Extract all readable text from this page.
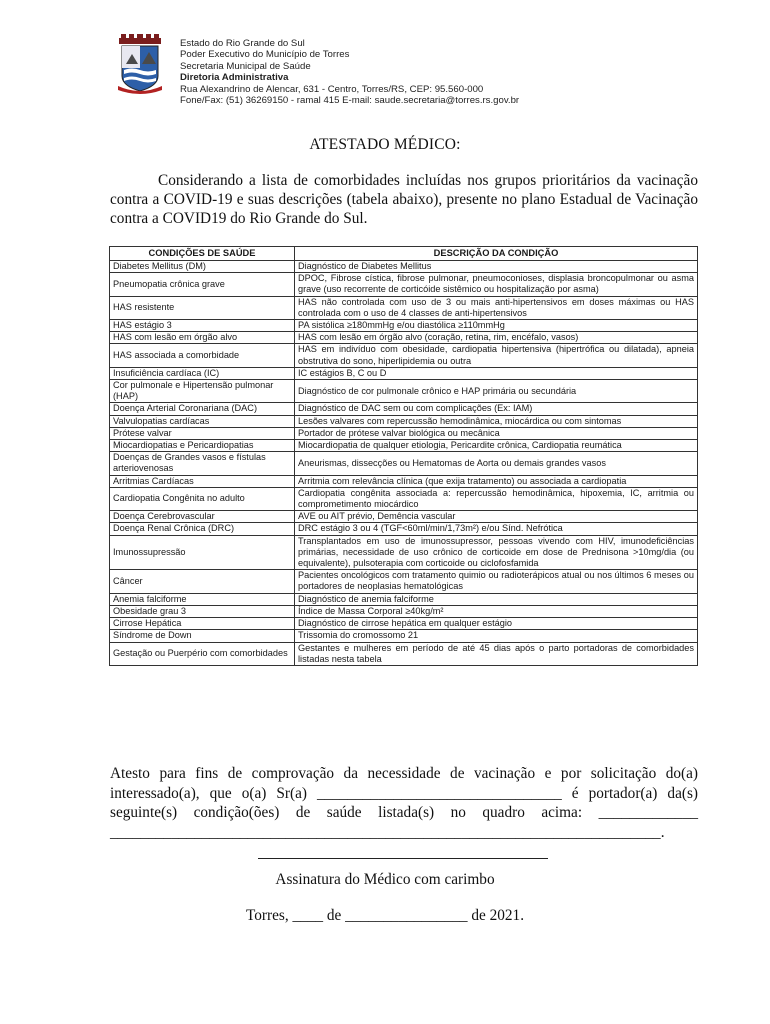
Estado do Rio Grande do Sul
Poder Executivo do Município de Torres
Secretaria Municipal de Saúde
Diretoria Administrativa
Rua Alexandrino de Alencar, 631 - Centro, Torres/RS, CEP: 95.560-000
Fone/Fax: (51) 36269150 - ramal 415 E-mail: saude.secretaria@torres.rs.gov.br
ATESTADO MÉDICO:
Considerando a lista de comorbidades incluídas nos grupos prioritários da vacinação contra a COVID-19 e suas descrições (tabela abaixo), presente no plano Estadual de Vacinação contra a COVID19 do Rio Grande do Sul.
CONDIÇÕES DE SAÚDE	DESCRIÇÃO DA CONDIÇÃO
Diabetes Mellitus (DM)	Diagnóstico de Diabetes Mellitus
Pneumopatia crônica grave	DPOC, Fibrose cística, fibrose pulmonar, pneumoconioses, displasia broncopulmonar ou asma grave (uso recorrente de corticóide sistêmico ou hospitalização por asma)
HAS resistente	HAS não controlada com uso de 3 ou mais anti-hipertensivos em doses máximas ou HAS controlada com o uso de 4 classes de anti-hipertensivos
HAS estágio 3	PA sistólica ≥180mmHg e/ou diastólica ≥110mmHg
HAS com lesão em órgão alvo	HAS com lesão em órgão alvo (coração, retina, rim, encéfalo, vasos)
HAS associada a comorbidade	HAS em indivíduo com obesidade, cardiopatia hipertensiva (hipertrófica ou dilatada), apneia obstrutiva do sono, hiperlipidemia ou outra
Insuficiência cardíaca (IC)	IC estágios B, C ou D
Cor pulmonale e Hipertensão pulmonar (HAP)	Diagnóstico de cor pulmonale crônico e HAP primária ou secundária
Doença Arterial Coronariana (DAC)	Diagnóstico de DAC sem ou com complicações (Ex: IAM)
Valvulopatias cardíacas	Lesões valvares com repercussão hemodinâmica, miocárdica ou com sintomas
Prótese valvar	Portador de prótese valvar biológica ou mecânica
Miocardiopatias e Pericardiopatias	Miocardiopatia de qualquer etiologia, Pericardite crônica, Cardiopatia reumática
Doenças de Grandes vasos e fístulas arteriovenosas	Aneurismas, dissecções ou Hematomas de Aorta ou demais grandes vasos
Arritmias Cardíacas	Arritmia com relevância clínica (que exija tratamento) ou associada a cardiopatia
Cardiopatia Congênita no adulto	Cardiopatia congênita associada a: repercussão hemodinâmica, hipoxemia, IC, arritmia ou comprometimento miocárdico
Doença Cerebrovascular	AVE ou AIT prévio, Demência vascular
Doença Renal Crônica (DRC)	DRC estágio 3 ou 4 (TGF<60ml/min/1,73m²) e/ou Sínd. Nefrótica
Imunossupressão	Transplantados em uso de imunossupressor, pessoas vivendo com HIV, imunodeficiências primárias, necessidade de uso crônico de corticoide em dose de Prednisona >10mg/dia (ou equivalente), pulsoterapia com corticoide ou ciclofosfamida
Câncer	Pacientes oncológicos com tratamento quimio ou radioterápicos atual ou nos últimos 6 meses ou portadores de neoplasias hematológicas
Anemia falciforme	Diagnóstico de anemia falciforme
Obesidade grau 3	Índice de Massa Corporal ≥40kg/m²
Cirrose Hepática	Diagnóstico de cirrose hepática em qualquer estágio
Síndrome de Down	Trissomia do cromossomo 21
Gestação ou Puerpério com comorbidades	Gestantes e mulheres em período de até 45 dias após o parto portadoras de comorbidades listadas nesta tabela
Atesto para fins de comprovação da necessidade de vacinação e por solicitação do(a) interessado(a), que o(a) Sr(a) ________________________________ é portador(a) da(s) seguinte(s) condição(ões) de saúde listada(s) no quadro acima: _____________ ________________________________________________________________________.
Assinatura do Médico com carimbo
Torres, ____ de ________________ de 2021.
